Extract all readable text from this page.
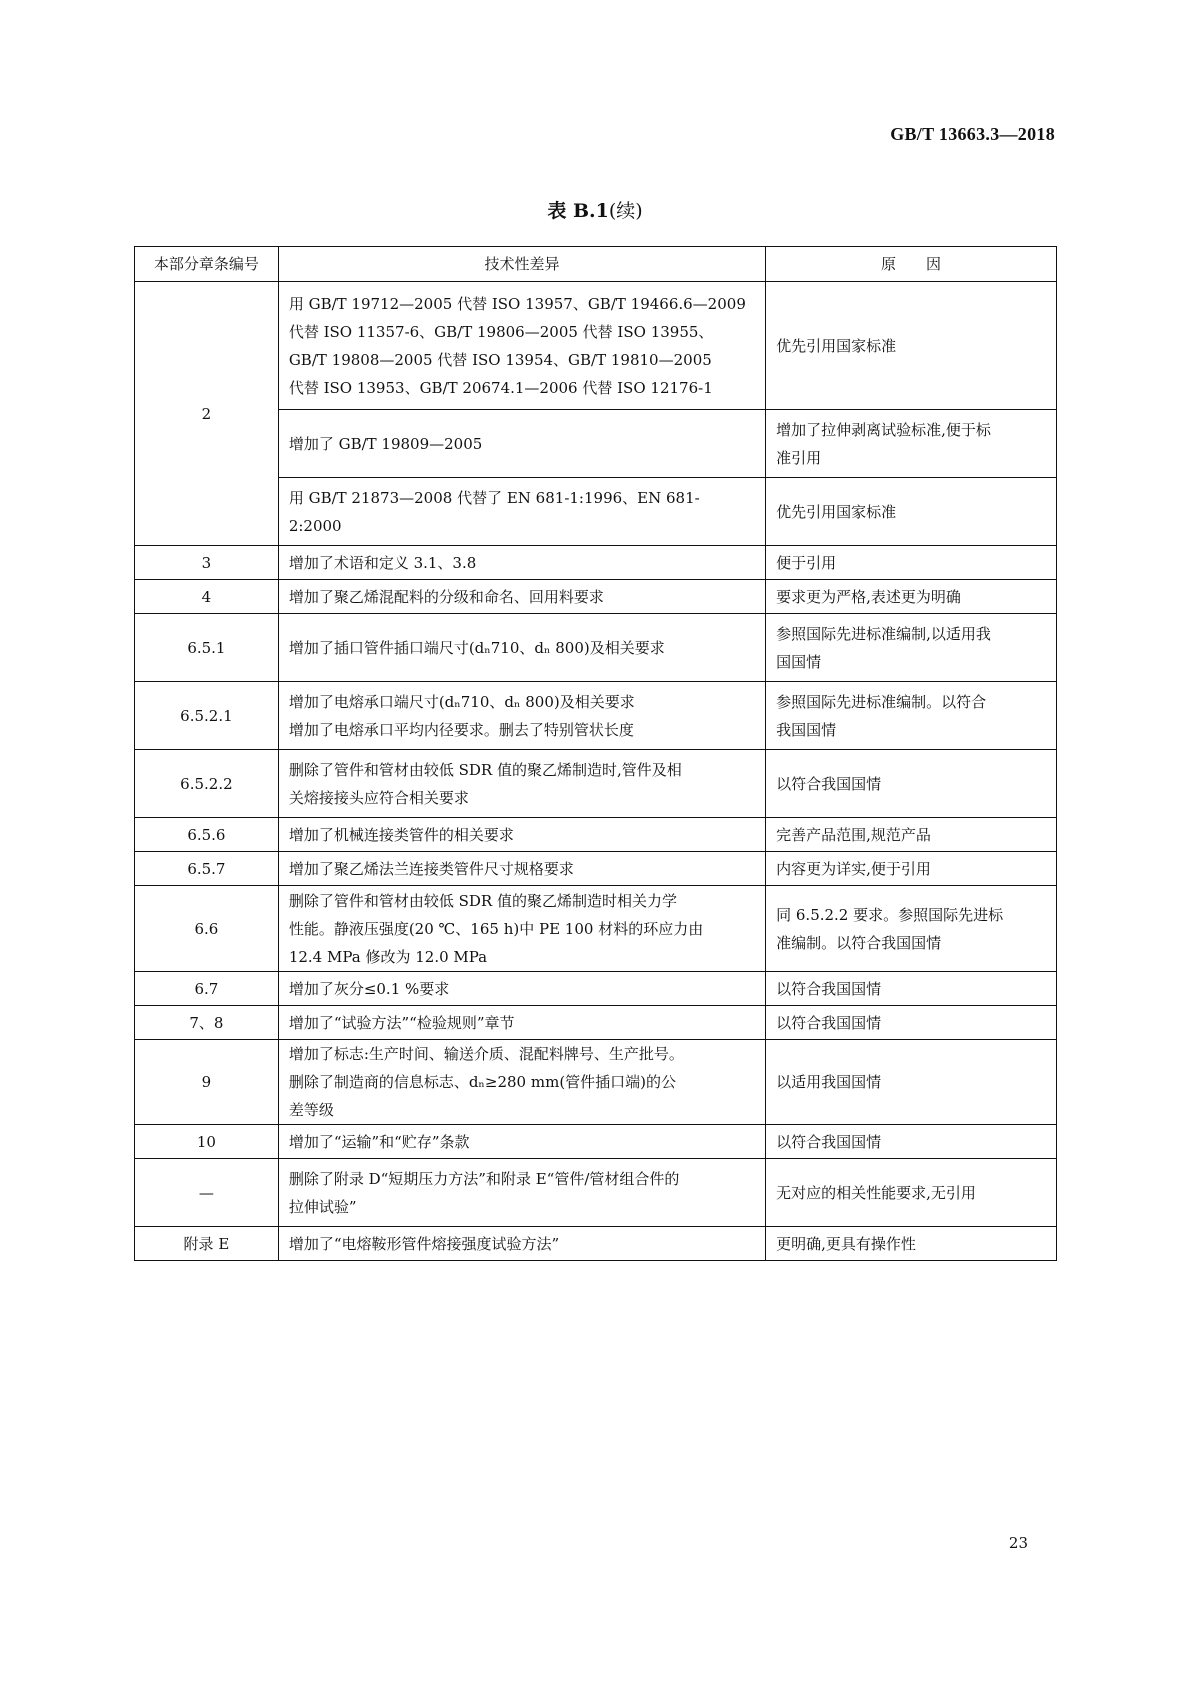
GB/T 13663.3—2018
表 B.1(续)
本部分章条编号	技术性差异	原　　因
2	用 GB/T 19712—2005 代替 ISO 13957、GB/T 19466.6—2009
代替 ISO 11357-6、GB/T 19806—2005 代替 ISO 13955、
GB/T 19808—2005 代替 ISO 13954、GB/T 19810—2005
代替 ISO 13953、GB/T 20674.1—2006 代替 ISO 12176-1	优先引用国家标准

	增加了 GB/T 19809—2005	增加了拉伸剥离试验标准,便于标
准引用

	用 GB/T 21873—2008 代替了 EN 681-1:1996、EN 681-
2:2000	优先引用国家标准

3	增加了术语和定义 3.1、3.8	便于引用

4	增加了聚乙烯混配料的分级和命名、回用料要求	要求更为严格,表述更为明确

6.5.1	增加了插口管件插口端尺寸(dₙ710、dₙ 800)及相关要求	参照国际先进标准编制,以适用我
国国情

6.5.2.1	增加了电熔承口端尺寸(dₙ710、dₙ 800)及相关要求
增加了电熔承口平均内径要求。删去了特别管状长度	参照国际先进标准编制。以符合
我国国情

6.5.2.2	删除了管件和管材由较低 SDR 值的聚乙烯制造时,管件及相
关熔接接头应符合相关要求	以符合我国国情

6.5.6	增加了机械连接类管件的相关要求	完善产品范围,规范产品

6.5.7	增加了聚乙烯法兰连接类管件尺寸规格要求	内容更为详实,便于引用

6.6	删除了管件和管材由较低 SDR 值的聚乙烯制造时相关力学
性能。静液压强度(20 ℃、165 h)中 PE 100 材料的环应力由
12.4 MPa 修改为 12.0 MPa	同 6.5.2.2 要求。参照国际先进标
准编制。以符合我国国情

6.7	增加了灰分≤0.1 %要求	以符合我国国情

7、8	增加了“试验方法”“检验规则”章节	以符合我国国情

9	增加了标志:生产时间、输送介质、混配料牌号、生产批号。
删除了制造商的信息标志、dₙ≥280 mm(管件插口端)的公
差等级	以适用我国国情

10	增加了“运输”和“贮存”条款	以符合我国国情

—	删除了附录 D“短期压力方法”和附录 E“管件/管材组合件的
拉伸试验”	无对应的相关性能要求,无引用

附录 E	增加了“电熔鞍形管件熔接强度试验方法”	更明确,更具有操作性
23
